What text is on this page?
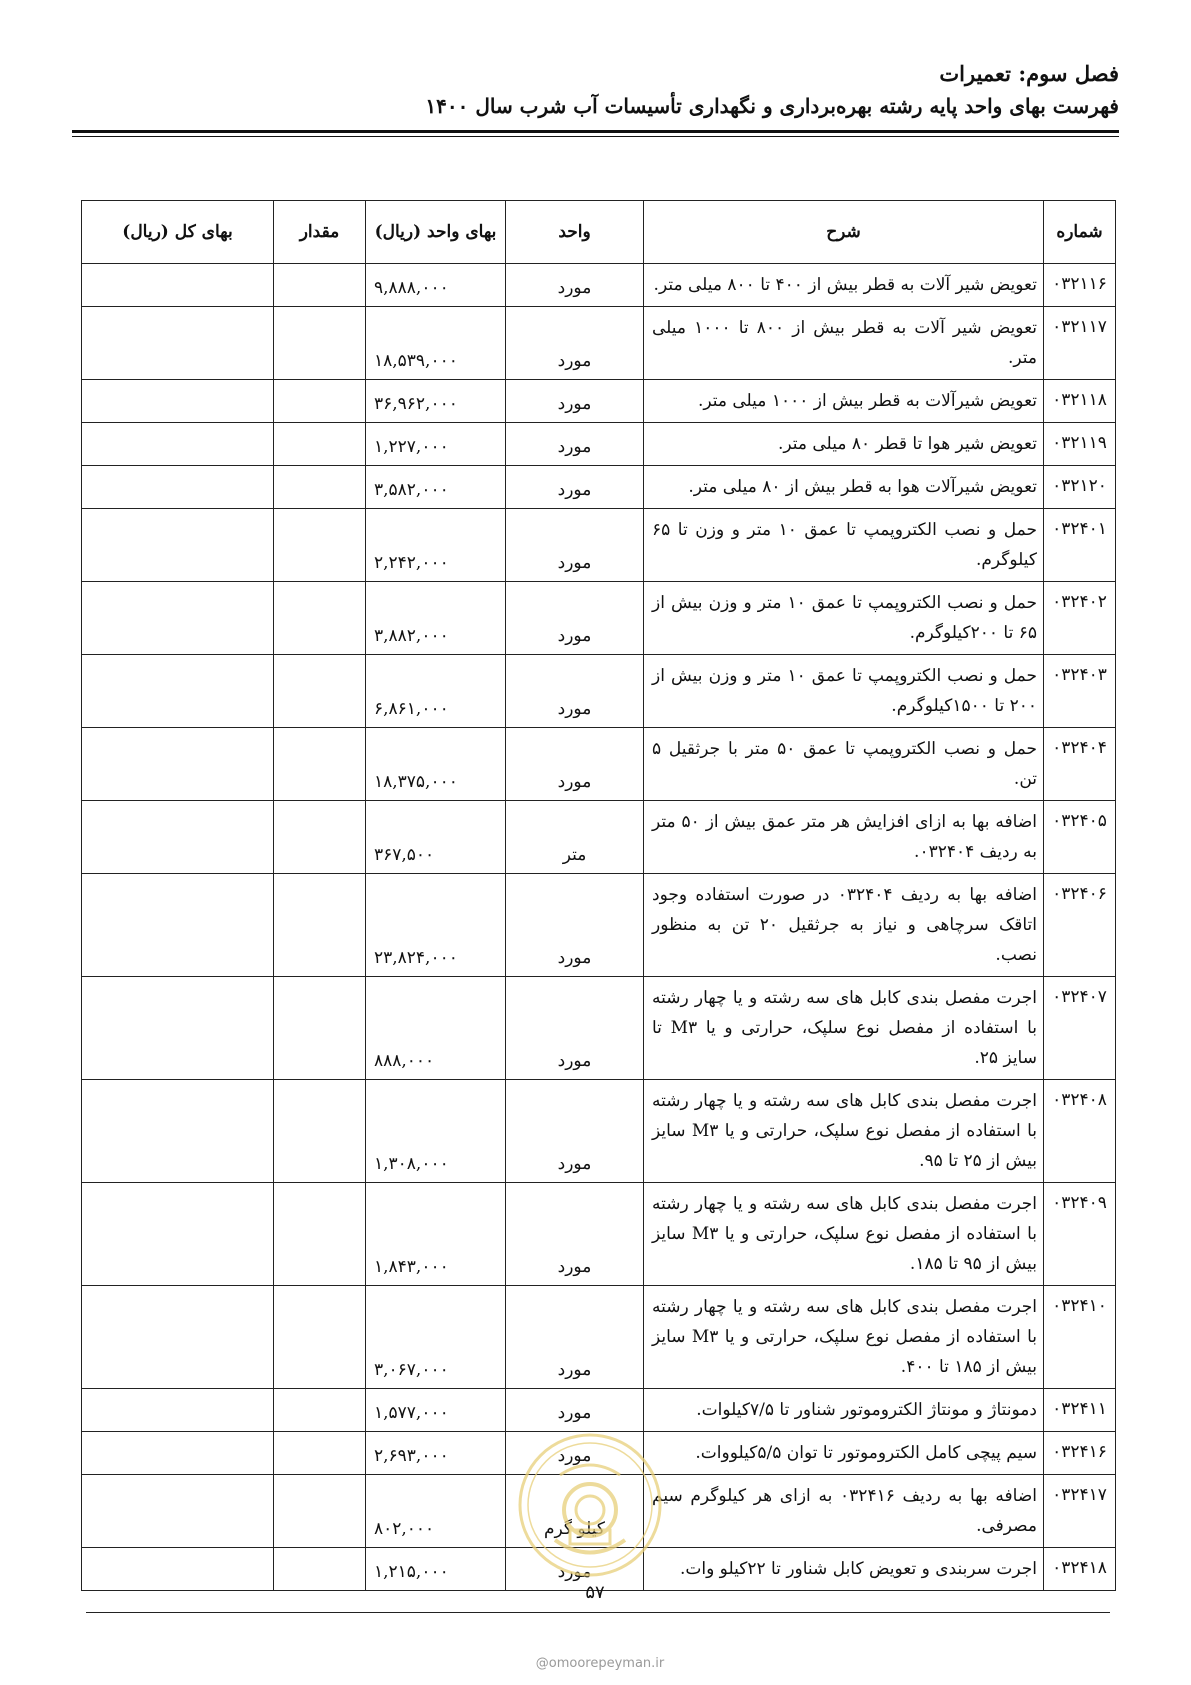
فصل سوم: تعمیرات
فهرست بهای واحد پایه رشته بهره‌برداری و نگهداری تأسیسات آب شرب سال ۱۴۰۰
شماره	شرح	واحد	بهای واحد (ریال)	مقدار	بهای کل (ریال)
۰۳۲۱۱۶	تعویض شیر آلات به قطر بیش از ۴۰۰ تا ۸۰۰ میلی متر.	مورد	۹,۸۸۸,۰۰۰		
۰۳۲۱۱۷	تعویض شیر آلات به قطر بیش از ۸۰۰ تا ۱۰۰۰ میلی متر.	مورد	۱۸,۵۳۹,۰۰۰		
۰۳۲۱۱۸	تعویض شیرآلات به قطر بیش از ۱۰۰۰ میلی متر.	مورد	۳۶,۹۶۲,۰۰۰		
۰۳۲۱۱۹	تعویض شیر هوا تا قطر ۸۰ میلی متر.	مورد	۱,۲۲۷,۰۰۰		
۰۳۲۱۲۰	تعویض شیرآلات هوا به قطر بیش از ۸۰ میلی متر.	مورد	۳,۵۸۲,۰۰۰		
۰۳۲۴۰۱	حمل و نصب الکتروپمپ تا عمق ۱۰ متر و وزن تا ۶۵ کیلوگرم.	مورد	۲,۲۴۲,۰۰۰		
۰۳۲۴۰۲	حمل و نصب الکتروپمپ تا عمق ۱۰ متر و وزن بیش از ۶۵ تا ۲۰۰کیلوگرم.	مورد	۳,۸۸۲,۰۰۰		
۰۳۲۴۰۳	حمل و نصب الکتروپمپ تا عمق ۱۰ متر و وزن بیش از ۲۰۰ تا ۱۵۰۰کیلوگرم.	مورد	۶,۸۶۱,۰۰۰		
۰۳۲۴۰۴	حمل و نصب الکتروپمپ تا عمق ۵۰ متر با جرثقیل ۵ تن.	مورد	۱۸,۳۷۵,۰۰۰		
۰۳۲۴۰۵	اضافه بها به ازای افزایش هر متر عمق بیش از ۵۰ متر به ردیف ۰۳۲۴۰۴.	متر	۳۶۷,۵۰۰		
۰۳۲۴۰۶	اضافه بها به ردیف ۰۳۲۴۰۴ در صورت استفاده وجود اتاقک سرچاهی و نیاز به جرثقیل ۲۰ تن به منظور نصب.	مورد	۲۳,۸۲۴,۰۰۰		
۰۳۲۴۰۷	اجرت مفصل بندی کابل های سه رشته و یا چهار رشته با استفاده از مفصل نوع سلپک، حرارتی و یا M۳ تا سایز ۲۵.	مورد	۸۸۸,۰۰۰		
۰۳۲۴۰۸	اجرت مفصل بندی کابل های سه رشته و یا چهار رشته با استفاده از مفصل نوع سلپک، حرارتی و یا M۳ سایز بیش از ۲۵ تا ۹۵.	مورد	۱,۳۰۸,۰۰۰		
۰۳۲۴۰۹	اجرت مفصل بندی کابل های سه رشته و یا چهار رشته با استفاده از مفصل نوع سلپک، حرارتی و یا M۳ سایز بیش از ۹۵ تا ۱۸۵.	مورد	۱,۸۴۳,۰۰۰		
۰۳۲۴۱۰	اجرت مفصل بندی کابل های سه رشته و یا چهار رشته با استفاده از مفصل نوع سلپک، حرارتی و یا M۳ سایز بیش از ۱۸۵ تا ۴۰۰.	مورد	۳,۰۶۷,۰۰۰		
۰۳۲۴۱۱	دمونتاژ و مونتاژ الکتروموتور شناور تا ۷/۵کیلوات.	مورد	۱,۵۷۷,۰۰۰		
۰۳۲۴۱۶	سیم پیچی کامل الکتروموتور تا توان ۵/۵کیلووات.	مورد	۲,۶۹۳,۰۰۰		
۰۳۲۴۱۷	اضافه بها به ردیف ۰۳۲۴۱۶ به ازای هر کیلوگرم سیم مصرفی.	کیلو گرم	۸۰۲,۰۰۰		
۰۳۲۴۱۸	اجرت سربندی و تعویض کابل شناور تا ۲۲کیلو وات.	مورد	۱,۲۱۵,۰۰۰		
۵۷
@omoorepeyman.ir
